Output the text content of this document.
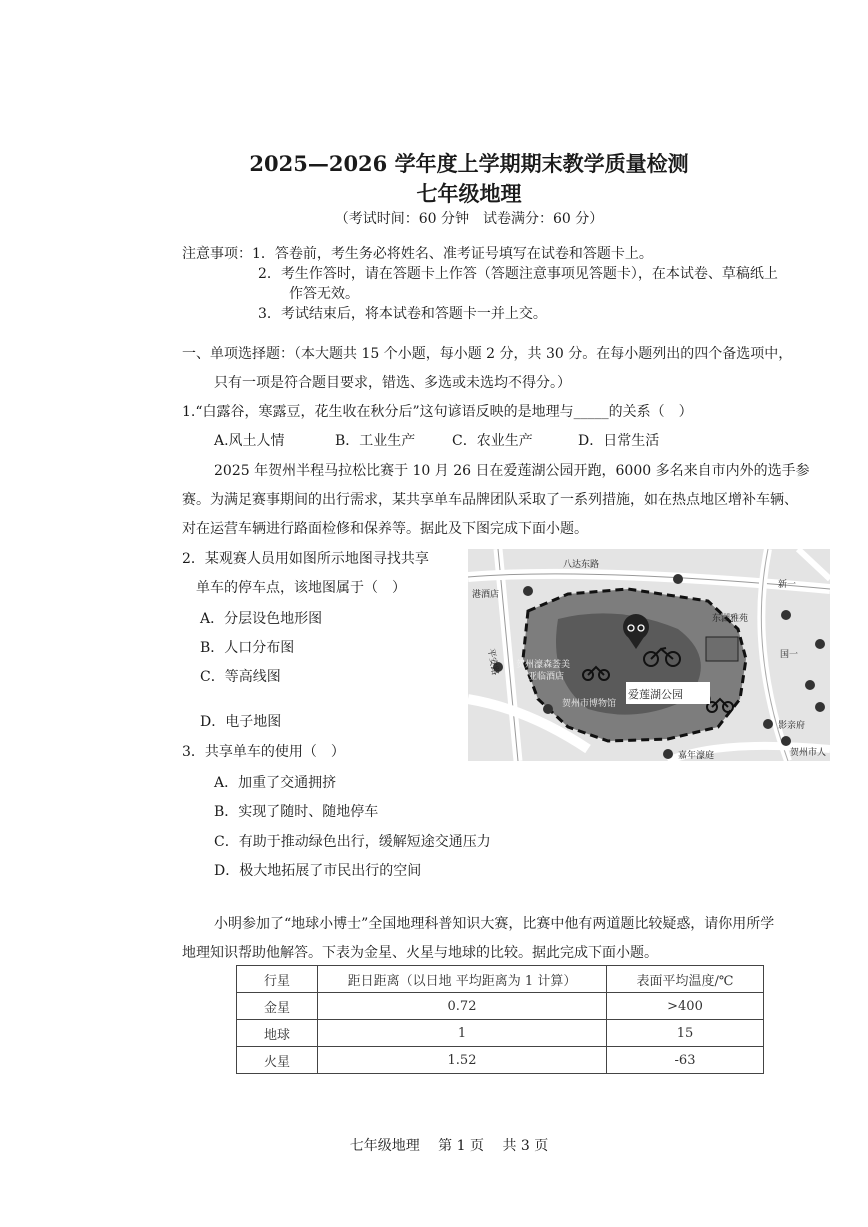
2025—2026 学年度上学期期末教学质量检测
七年级地理
（考试时间：60 分钟　试卷满分：60 分）
注意事项：1．答卷前，考生务必将姓名、准考证号填写在试卷和答题卡上。
2．考生作答时，请在答题卡上作答（答题注意事项见答题卡），在本试卷、草稿纸上
作答无效。
3．考试结束后，将本试卷和答题卡一并上交。
一、单项选择题：（本大题共 15 个小题，每小题 2 分，共 30 分。在每小题列出的四个备选项中，
只有一项是符合题目要求，错选、多选或未选均不得分。）
1.“白露谷，寒露豆，花生收在秋分后”这句谚语反映的是地理与_____的关系（　）
A.风土人情	B．工业生产	C．农业生产	D．日常生活
2025 年贺州半程马拉松比赛于 10 月 26 日在爱莲湖公园开跑，6000 多名来自市内外的选手参
赛。为满足赛事期间的出行需求，某共享单车品牌团队采取了一系列措施，如在热点地区增补车辆、
对在运营车辆进行路面检修和保养等。据此及下图完成下面小题。
2．某观赛人员用如图所示地图寻找共享
单车的停车点，该地图属于（　）
A．分层设色地形图
B．人口分布图
C．等高线图
D．电子地图
八达东路
港酒店
东湖雅苑
新一
国一
贺州濠森荟美
亚临酒店
贺州市博物馆
影亲府
嘉年濠庭	贺州市人
平安路
爱莲湖公园
3．共享单车的使用（　）
A．加重了交通拥挤
B．实现了随时、随地停车
C．有助于推动绿色出行，缓解短途交通压力
D．极大地拓展了市民出行的空间
小明参加了“地球小博士”全国地理科普知识大赛，比赛中他有两道题比较疑惑，请你用所学
地理知识帮助他解答。下表为金星、火星与地球的比较。据此完成下面小题。
行星	距日距离（以日地 平均距离为 1 计算）	表面平均温度/℃
金星	0.72	>400
地球	1	15
火星	1.52	-63
七年级地理　 第 1 页　 共 3 页
